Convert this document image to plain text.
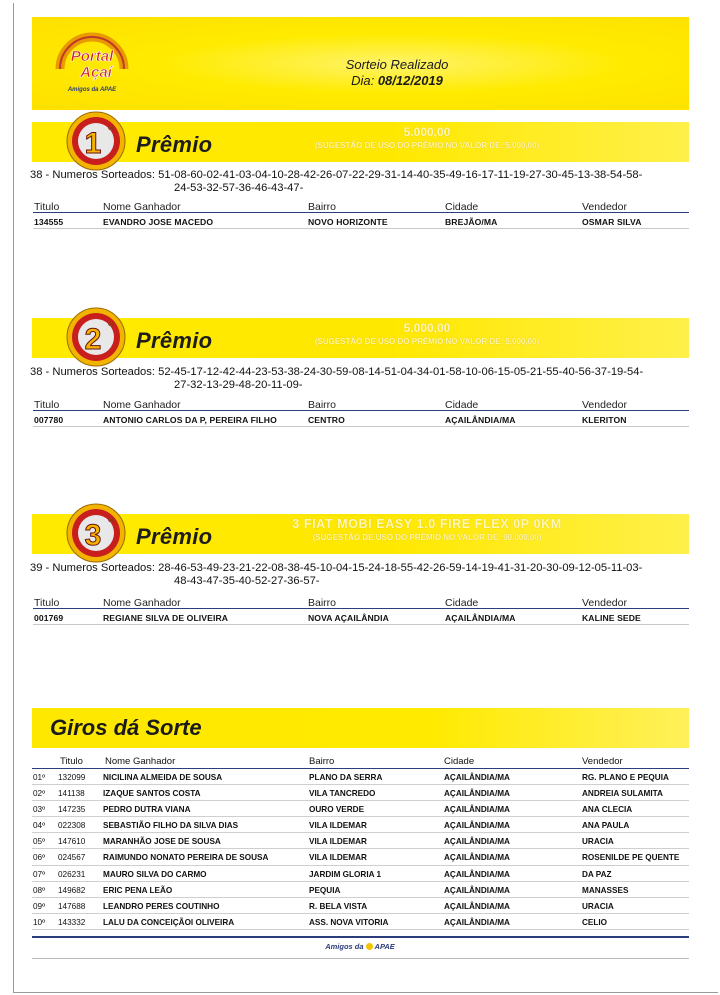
Portal
Açaí
Amigos da APAE
Sorteio Realizado
Dia: 08/12/2019
1 °
Prêmio	5.000,00
(SUGESTÃO DE USO DO PRÊMIO NO VALOR DE: 5.000,00)
38 - Numeros Sorteados: 51-08-60-02-41-03-04-10-28-42-26-07-22-29-31-14-40-35-49-16-17-11-19-27-30-45-13-38-54-58-
24-53-32-57-36-46-43-47-
Titulo	Nome Ganhador	Bairro	Cidade	Vendedor
134555	EVANDRO JOSE MACEDO	NOVO HORIZONTE	BREJÃO/MA	OSMAR SILVA
2 °
Prêmio	5.000,00
(SUGESTÃO DE USO DO PRÊMIO NO VALOR DE: 5.000,00)
38 - Numeros Sorteados: 52-45-17-12-42-44-23-53-38-24-30-59-08-14-51-04-34-01-58-10-06-15-05-21-55-40-56-37-19-54-
27-32-13-29-48-20-11-09-
Titulo	Nome Ganhador	Bairro	Cidade	Vendedor
007780	ANTONIO CARLOS DA P, PEREIRA FILHO	CENTRO	AÇAILÂNDIA/MA	KLERITON
3 °
Prêmio	3 FIAT MOBI EASY 1.0 FIRE FLEX 0P 0KM
(SUGESTÃO DE USO DO PRÊMIO NO VALOR DE: 90.000,00)
39 - Numeros Sorteados: 28-46-53-49-23-21-22-08-38-45-10-04-15-24-18-55-42-26-59-14-19-41-31-20-30-09-12-05-11-03-
48-43-47-35-40-52-27-36-57-
Titulo	Nome Ganhador	Bairro	Cidade	Vendedor
001769	REGIANE SILVA DE OLIVEIRA	NOVA AÇAILÂNDIA	AÇAILÂNDIA/MA	KALINE SEDE
Giros dá Sorte
Titulo Nome Ganhador	Bairro	Cidade	Vendedor
01º 132099 NICILINA ALMEIDA DE SOUSA	PLANO DA SERRA	AÇAILÂNDIA/MA	RG. PLANO E PEQUIA
02º 141138 IZAQUE SANTOS COSTA	VILA TANCREDO	AÇAILÂNDIA/MA	ANDREIA SULAMITA
03º 147235 PEDRO DUTRA VIANA	OURO VERDE	AÇAILÂNDIA/MA	ANA CLECIA
04º 022308 SEBASTIÃO FILHO DA SILVA DIAS	VILA ILDEMAR	AÇAILÂNDIA/MA	ANA PAULA
05º 147610 MARANHÃO JOSE DE SOUSA	VILA ILDEMAR	AÇAILÂNDIA/MA	URACIA
06º 024567 RAIMUNDO NONATO PEREIRA DE SOUSA	VILA ILDEMAR	AÇAILÂNDIA/MA	ROSENILDE PE QUENTE
07º 026231 MAURO SILVA DO CARMO	JARDIM GLORIA 1	AÇAILÂNDIA/MA	DA PAZ
08º 149682 ERIC PENA LEÃO	PEQUIA	AÇAILÂNDIA/MA	MANASSES
09º 147688 LEANDRO PERES COUTINHO	R. BELA VISTA	AÇAILÂNDIA/MA	URACIA
10º 143332 LALU DA CONCEIÇÃOl OLIVEIRA	ASS. NOVA VITORIA	AÇAILÂNDIA/MA	CELIO
Amigos da APAE
